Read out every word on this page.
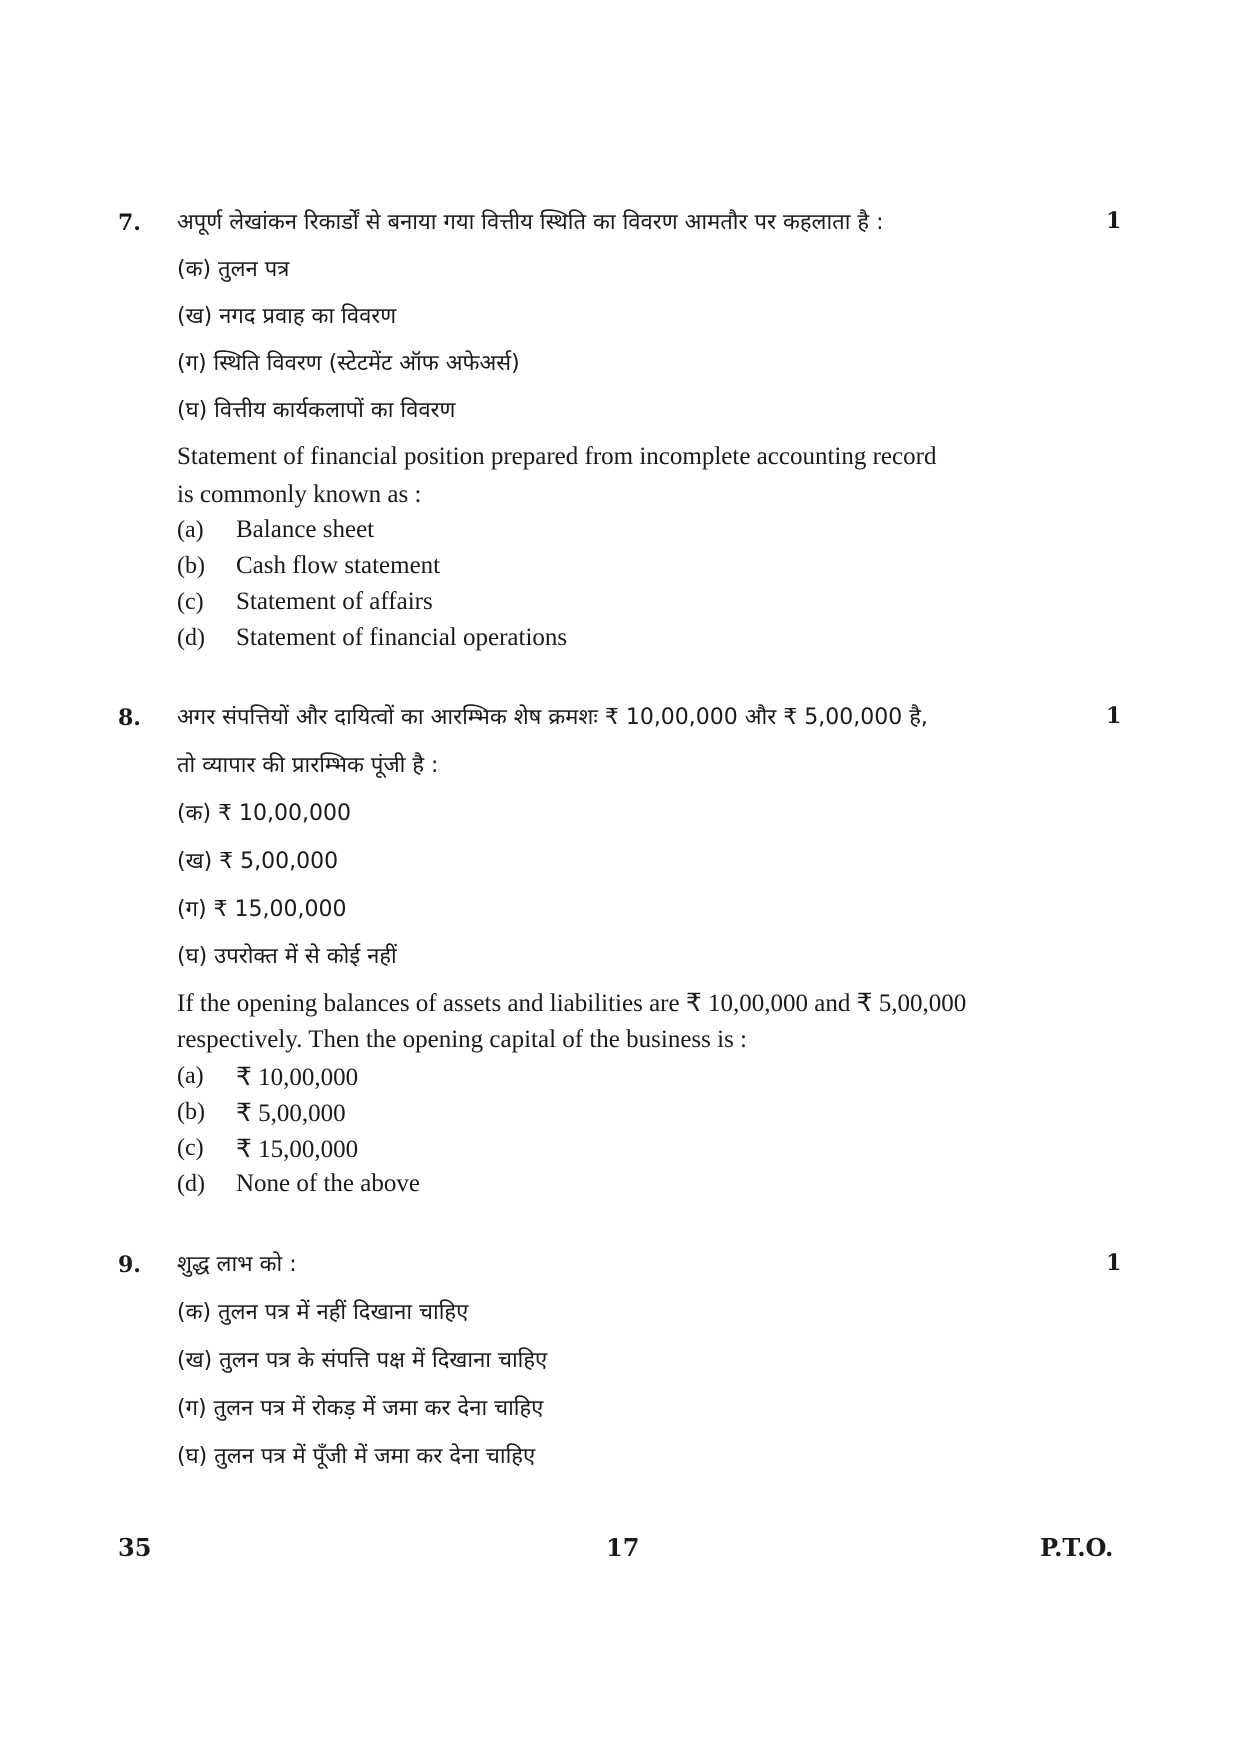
7. अपूर्ण लेखांकन रिकार्डों से बनाया गया वित्तीय स्थिति का विवरण आमतौर पर कहलाता है :	1
(क) तुलन पत्र
(ख) नगद प्रवाह का विवरण
(ग) स्थिति विवरण (स्टेटमेंट ऑफ अफेअर्स)
(घ) वित्तीय कार्यकलापों का विवरण
Statement of financial position prepared from incomplete accounting record
is commonly known as :
(a) Balance sheet
(b) Cash flow statement
(c) Statement of affairs
(d) Statement of financial operations
8. अगर संपत्तियों और दायित्वों का आरम्भिक शेष क्रमशः ₹ 10,00,000 और ₹ 5,00,000 है,	1
तो व्यापार की प्रारम्भिक पूंजी है :
(क) ₹ 10,00,000
(ख) ₹ 5,00,000
(ग) ₹ 15,00,000
(घ) उपरोक्त में से कोई नहीं
If the opening balances of assets and liabilities are ₹ 10,00,000 and ₹ 5,00,000
respectively. Then the opening capital of the business is :
(a) ₹ 10,00,000
(b) ₹ 5,00,000
(c) ₹ 15,00,000
(d) None of the above
9. शुद्ध लाभ को :	1
(क) तुलन पत्र में नहीं दिखाना चाहिए
(ख) तुलन पत्र के संपत्ति पक्ष में दिखाना चाहिए
(ग) तुलन पत्र में रोकड़ में जमा कर देना चाहिए
(घ) तुलन पत्र में पूँजी में जमा कर देना चाहिए
35	17	P.T.O.
